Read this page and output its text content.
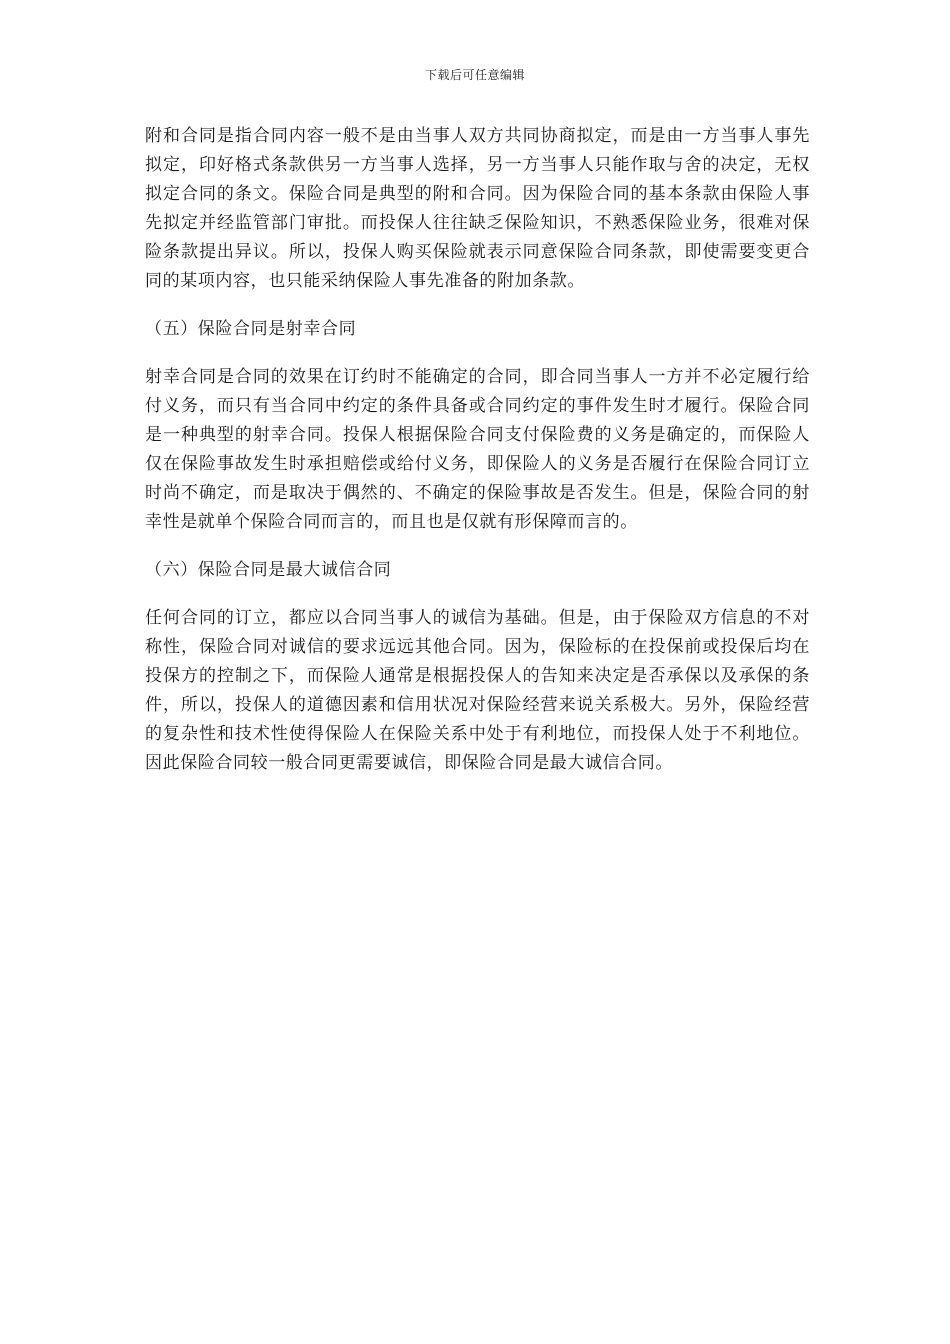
下载后可任意编辑

附和合同是指合同内容一般不是由当事人双方共同协商拟定，而是由一方当事人事先拟定，印好格式条款供另一方当事人选择，另一方当事人只能作取与舍的决定，无权拟定合同的条文。保险合同是典型的附和合同。因为保险合同的基本条款由保险人事先拟定并经监管部门审批。而投保人往往缺乏保险知识，不熟悉保险业务，很难对保险条款提出异议。所以，投保人购买保险就表示同意保险合同条款，即使需要变更合同的某项内容，也只能采纳保险人事先准备的附加条款。

（五）保险合同是射幸合同

射幸合同是合同的效果在订约时不能确定的合同，即合同当事人一方并不必定履行给付义务，而只有当合同中约定的条件具备或合同约定的事件发生时才履行。保险合同是一种典型的射幸合同。投保人根据保险合同支付保险费的义务是确定的，而保险人仅在保险事故发生时承担赔偿或给付义务，即保险人的义务是否履行在保险合同订立时尚不确定，而是取决于偶然的、不确定的保险事故是否发生。但是，保险合同的射幸性是就单个保险合同而言的，而且也是仅就有形保障而言的。

（六）保险合同是最大诚信合同

任何合同的订立，都应以合同当事人的诚信为基础。但是，由于保险双方信息的不对称性，保险合同对诚信的要求远远其他合同。因为，保险标的在投保前或投保后均在投保方的控制之下，而保险人通常是根据投保人的告知来决定是否承保以及承保的条件，所以，投保人的道德因素和信用状况对保险经营来说关系极大。另外，保险经营的复杂性和技术性使得保险人在保险关系中处于有利地位，而投保人处于不利地位。因此保险合同较一般合同更需要诚信，即保险合同是最大诚信合同。
